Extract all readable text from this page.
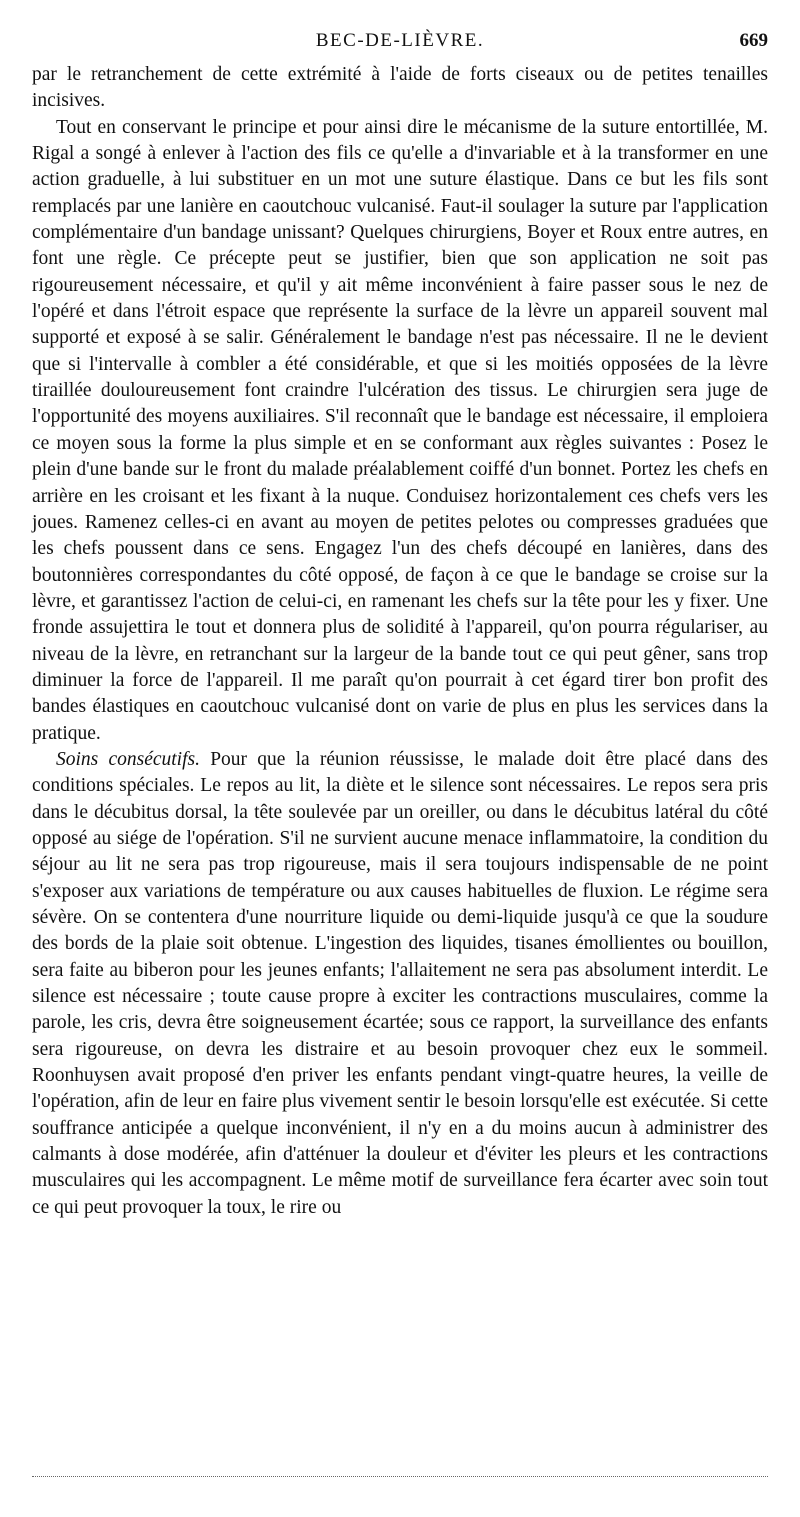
BEC-DE-LIÈVRE.	669

par le retranchement de cette extrémité à l'aide de forts ciseaux ou de petites tenailles incisives.

Tout en conservant le principe et pour ainsi dire le mécanisme de la suture entortillée, M. Rigal a songé à enlever à l'action des fils ce qu'elle a d'invariable et à la transformer en une action graduelle, à lui substituer en un mot une suture élastique. Dans ce but les fils sont remplacés par une lanière en caoutchouc vulcanisé. Faut-il soulager la suture par l'application complémentaire d'un bandage unissant? Quelques chirurgiens, Boyer et Roux entre autres, en font une règle. Ce précepte peut se justifier, bien que son application ne soit pas rigoureusement nécessaire, et qu'il y ait même inconvénient à faire passer sous le nez de l'opéré et dans l'étroit espace que représente la surface de la lèvre un appareil souvent mal supporté et exposé à se salir. Généralement le bandage n'est pas nécessaire. Il ne le devient que si l'intervalle à combler a été considérable, et que si les moitiés opposées de la lèvre tiraillée douloureusement font craindre l'ulcération des tissus. Le chirurgien sera juge de l'opportunité des moyens auxiliaires. S'il reconnaît que le bandage est nécessaire, il emploiera ce moyen sous la forme la plus simple et en se conformant aux règles suivantes : Posez le plein d'une bande sur le front du malade préalablement coiffé d'un bonnet. Portez les chefs en arrière en les croisant et les fixant à la nuque. Conduisez horizontalement ces chefs vers les joues. Ramenez celles-ci en avant au moyen de petites pelotes ou compresses graduées que les chefs poussent dans ce sens. Engagez l'un des chefs découpé en lanières, dans des boutonnières correspondantes du côté opposé, de façon à ce que le bandage se croise sur la lèvre, et garantissez l'action de celui-ci, en ramenant les chefs sur la tête pour les y fixer. Une fronde assujettira le tout et donnera plus de solidité à l'appareil, qu'on pourra régulariser, au niveau de la lèvre, en retranchant sur la largeur de la bande tout ce qui peut gêner, sans trop diminuer la force de l'appareil. Il me paraît qu'on pourrait à cet égard tirer bon profit des bandes élastiques en caoutchouc vulcanisé dont on varie de plus en plus les services dans la pratique.

Soins consécutifs. Pour que la réunion réussisse, le malade doit être placé dans des conditions spéciales. Le repos au lit, la diète et le silence sont nécessaires. Le repos sera pris dans le décubitus dorsal, la tête soulevée par un oreiller, ou dans le décubitus latéral du côté opposé au siége de l'opération. S'il ne survient aucune menace inflammatoire, la condition du séjour au lit ne sera pas trop rigoureuse, mais il sera toujours indispensable de ne point s'exposer aux variations de température ou aux causes habituelles de fluxion. Le régime sera sévère. On se contentera d'une nourriture liquide ou demi-liquide jusqu'à ce que la soudure des bords de la plaie soit obtenue. L'ingestion des liquides, tisanes émollientes ou bouillon, sera faite au biberon pour les jeunes enfants; l'allaitement ne sera pas absolument interdit. Le silence est nécessaire ; toute cause propre à exciter les contractions musculaires, comme la parole, les cris, devra être soigneusement écartée; sous ce rapport, la surveillance des enfants sera rigoureuse, on devra les distraire et au besoin provoquer chez eux le sommeil. Roonhuysen avait proposé d'en priver les enfants pendant vingt-quatre heures, la veille de l'opération, afin de leur en faire plus vivement sentir le besoin lorsqu'elle est exécutée. Si cette souffrance anticipée a quelque inconvénient, il n'y en a du moins aucun à administrer des calmants à dose modérée, afin d'atténuer la douleur et d'éviter les pleurs et les contractions musculaires qui les accompagnent. Le même motif de surveillance fera écarter avec soin tout ce qui peut provoquer la toux, le rire ou
